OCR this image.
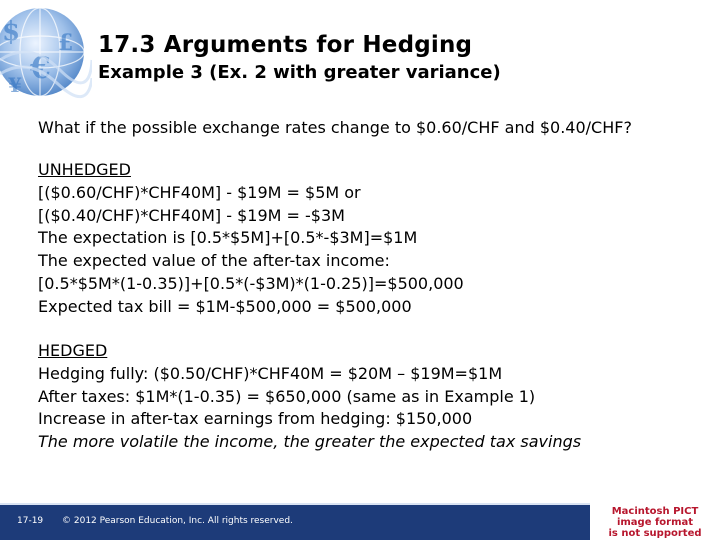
$
€
£
¥
17.3 Arguments for Hedging
Example 3 (Ex. 2 with greater variance)
What if the possible exchange rates change to $0.60/CHF and $0.40/CHF?
UNHEDGED
[($0.60/CHF)*CHF40M] - $19M = $5M or
[($0.40/CHF)*CHF40M] - $19M = -$3M
The expectation is [0.5*$5M]+[0.5*-$3M]=$1M
The expected value of the after-tax income:
[0.5*$5M*(1-0.35)]+[0.5*(-$3M)*(1-0.25)]=$500,000
Expected tax bill = $1M-$500,000 = $500,000
HEDGED
Hedging fully: ($0.50/CHF)*CHF40M = $20M – $19M=$1M
After taxes: $1M*(1-0.35) = $650,000 (same as in Example 1)
Increase in after-tax earnings from hedging: $150,000
The more volatile the income, the greater the expected tax savings
17-19 © 2012 Pearson Education, Inc. All rights reserved.
Macintosh PICT
image format
is not supported
